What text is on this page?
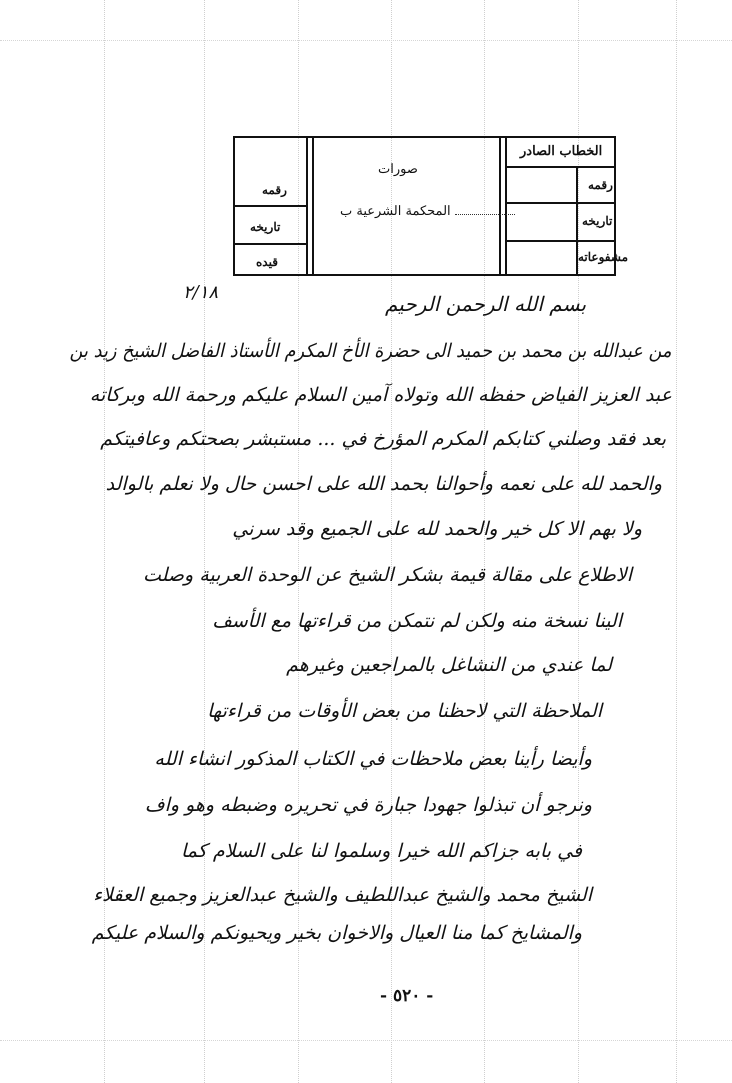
الخطاب الصادر
رقمه
تاريخه
مشفوعاته
صورات
المحكمة الشرعية ب
رقمه
تاريخه
قيده
٢/١٨	بسم الله الرحمن الرحيم
من عبدالله بن محمد بن حميد الى حضرة الأخ المكرم الأستاذ الفاضل الشيخ زيد بن
عبد العزيز الفياض حفظه الله وتولاه آمين السلام عليكم ورحمة الله وبركاته
بعد فقد وصلني كتابكم المكرم المؤرخ في ... مستبشر بصحتكم وعافيتكم
والحمد لله على نعمه وأحوالنا بحمد الله على احسن حال ولا نعلم بالوالد
ولا بهم الا كل خير والحمد لله على الجميع وقد سرني
الاطلاع على مقالة قيمة بشكر الشيخ عن الوحدة العربية وصلت
الينا نسخة منه ولكن لم نتمكن من قراءتها مع الأسف
لما عندي من النشاغل بالمراجعين وغيرهم
الملاحظة التي لاحظنا من بعض الأوقات من قراءتها
وأيضا رأينا بعض ملاحظات في الكتاب المذكور انشاء الله
ونرجو أن تبذلوا جهودا جبارة في تحريره وضبطه وهو واف
في بابه جزاكم الله خيرا وسلموا لنا على السلام كما
الشيخ محمد والشيخ عبداللطيف والشيخ عبدالعزيز وجميع العقلاء
والمشايخ كما منا العيال والاخوان بخير ويحيونكم والسلام عليكم
- ٥٢٠ -
